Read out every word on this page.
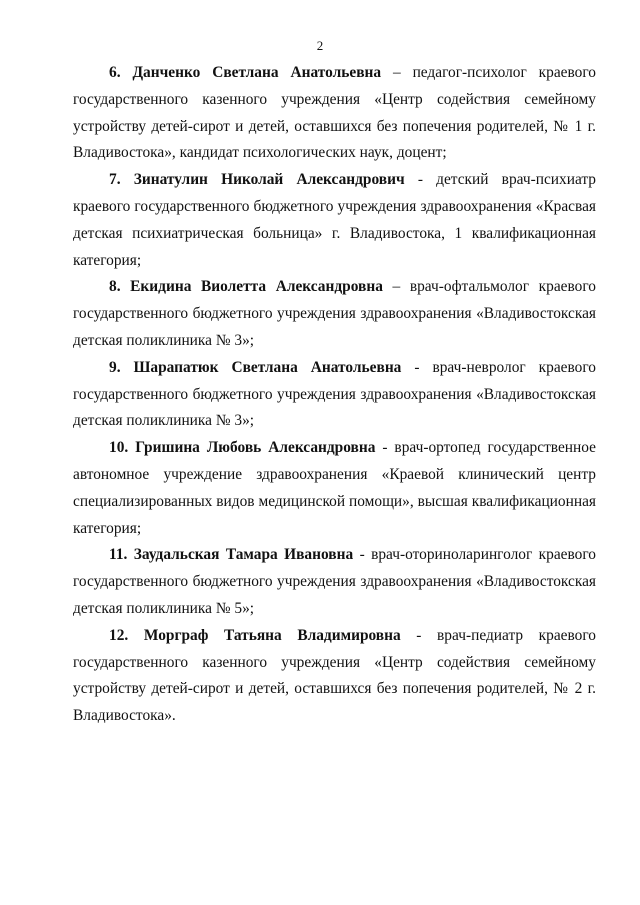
2

6. Данченко Светлана Анатольевна – педагог-психолог краевого государственного казенного учреждения «Центр содействия семейному устройству детей-сирот и детей, оставшихся без попечения родителей, № 1 г. Владивостока», кандидат психологических наук, доцент;

7. Зинатулин Николай Александрович - детский врач-психиатр краевого государственного бюджетного учреждения здравоохранения «Красвая детская психиатрическая больница» г. Владивостока, 1 квалификационная категория;

8. Екидина Виолетта Александровна – врач-офтальмолог краевого государственного бюджетного учреждения здравоохранения «Владивостокская детская поликлиника № 3»;

9. Шарапатюк Светлана Анатольевна - врач-невролог краевого государственного бюджетного учреждения здравоохранения «Владивостокская детская поликлиника № 3»;

10. Гришина Любовь Александровна - врач-ортопед государственное автономное учреждение здравоохранения «Краевой клинический центр специализированных видов медицинской помощи», высшая квалификационная категория;

11. Заудальская Тамара Ивановна - врач-оториноларинголог краевого государственного бюджетного учреждения здравоохранения «Владивостокская детская поликлиника № 5»;

12. Морграф Татьяна Владимировна - врач-педиатр краевого государственного казенного учреждения «Центр содействия семейному устройству детей-сирот и детей, оставшихся без попечения родителей, № 2 г. Владивостока».
